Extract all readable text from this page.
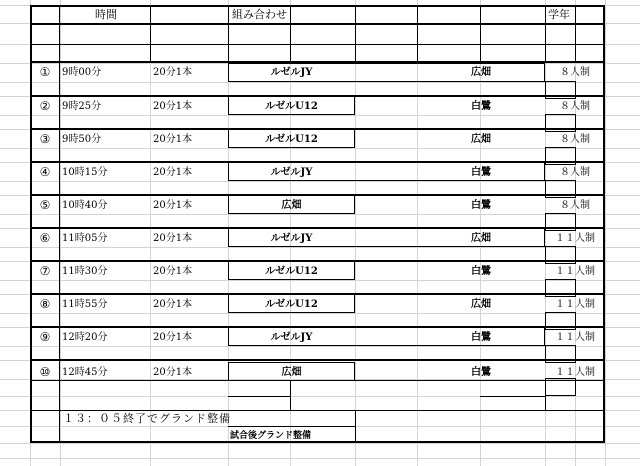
時間	組み合わせ	学年
①	9時00分	20分1本	ルゼルJY	広畑	８人制
②	9時25分	20分1本	ルゼルU12	白鷺	８人制
③	9時50分	20分1本	ルゼルU12	広畑	８人制
④	10時15分	20分1本	ルゼルJY	白鷺	８人制
⑤	10時40分	20分1本	広畑	白鷺	８人制
⑥	11時05分	20分1本	ルゼルJY	広畑	１１人制
⑦	11時30分	20分1本	ルゼルU12	白鷺	１１人制
⑧	11時55分	20分1本	ルゼルU12	広畑	１１人制
⑨	12時20分	20分1本	ルゼルJY	白鷺	１１人制
⑩	12時45分	20分1本	広畑	白鷺	１１人制
１３：０５終了でグランド整備
試合後グランド整備
